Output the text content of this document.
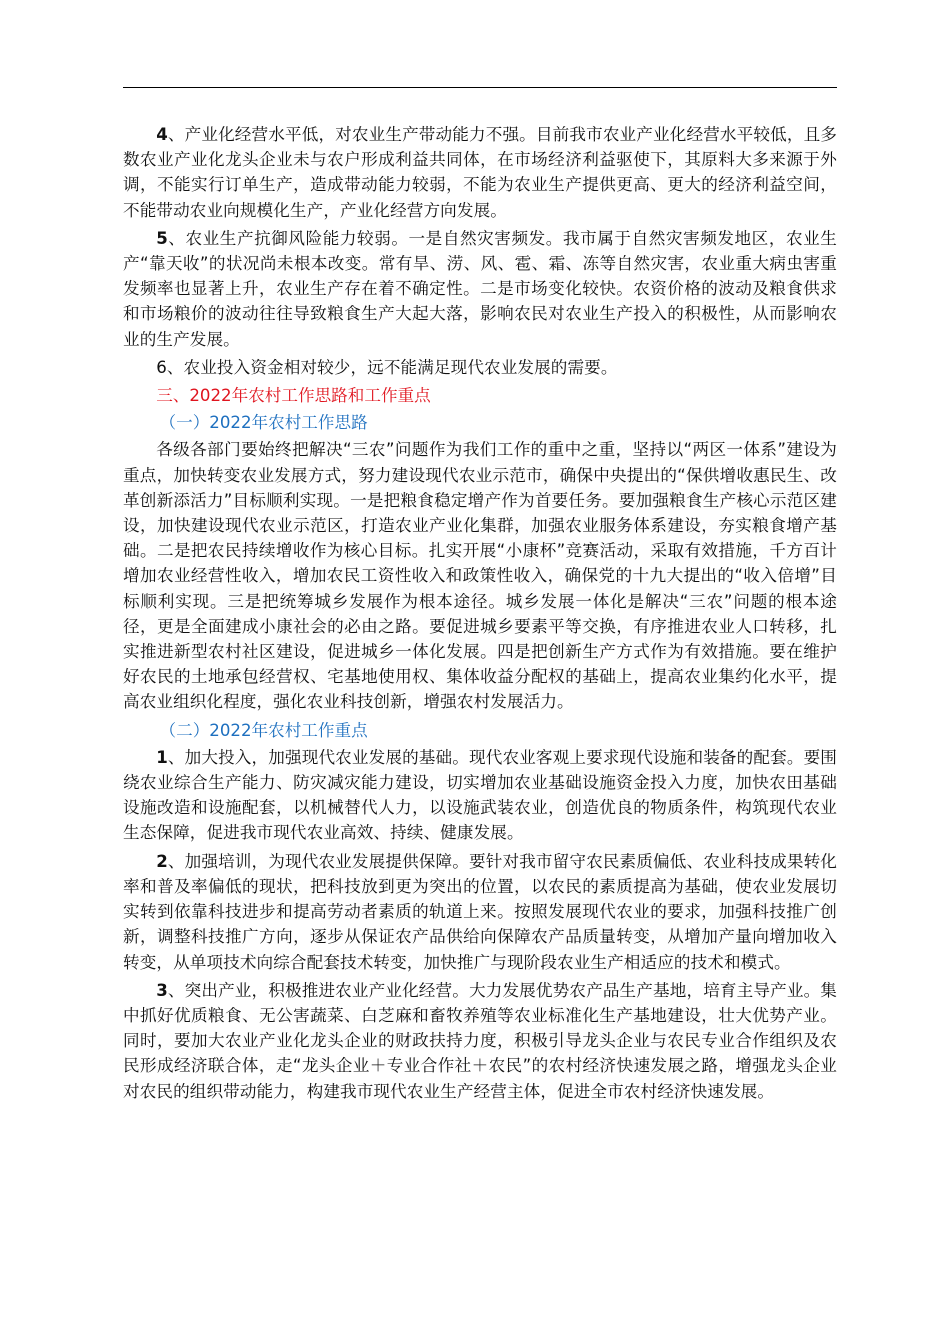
4、产业化经营水平低，对农业生产带动能力不强。目前我市农业产业化经营水平较低，且多数农业产业化龙头企业未与农户形成利益共同体，在市场经济利益驱使下，其原料大多来源于外调，不能实行订单生产，造成带动能力较弱，不能为农业生产提供更高、更大的经济利益空间，不能带动农业向规模化生产，产业化经营方向发展。

5、农业生产抗御风险能力较弱。一是自然灾害频发。我市属于自然灾害频发地区，农业生产“靠天收”的状况尚未根本改变。常有旱、涝、风、雹、霜、冻等自然灾害，农业重大病虫害重发频率也显著上升，农业生产存在着不确定性。二是市场变化较快。农资价格的波动及粮食供求和市场粮价的波动往往导致粮食生产大起大落，影响农民对农业生产投入的积极性，从而影响农业的生产发展。

6、农业投入资金相对较少，远不能满足现代农业发展的需要。

三、2022年农村工作思路和工作重点

（一）2022年农村工作思路

各级各部门要始终把解决“三农”问题作为我们工作的重中之重，坚持以“两区一体系”建设为重点，加快转变农业发展方式，努力建设现代农业示范市，确保中央提出的“保供增收惠民生、改革创新添活力”目标顺利实现。一是把粮食稳定增产作为首要任务。要加强粮食生产核心示范区建设，加快建设现代农业示范区，打造农业产业化集群，加强农业服务体系建设，夯实粮食增产基础。二是把农民持续增收作为核心目标。扎实开展“小康杯”竞赛活动，采取有效措施，千方百计增加农业经营性收入，增加农民工资性收入和政策性收入，确保党的十九大提出的“收入倍增”目标顺利实现。三是把统筹城乡发展作为根本途径。城乡发展一体化是解决“三农”问题的根本途径，更是全面建成小康社会的必由之路。要促进城乡要素平等交换，有序推进农业人口转移，扎实推进新型农村社区建设，促进城乡一体化发展。四是把创新生产方式作为有效措施。要在维护好农民的土地承包经营权、宅基地使用权、集体收益分配权的基础上，提高农业集约化水平，提高农业组织化程度，强化农业科技创新，增强农村发展活力。

（二）2022年农村工作重点

1、加大投入，加强现代农业发展的基础。现代农业客观上要求现代设施和装备的配套。要围绕农业综合生产能力、防灾减灾能力建设，切实增加农业基础设施资金投入力度，加快农田基础设施改造和设施配套，以机械替代人力，以设施武装农业，创造优良的物质条件，构筑现代农业生态保障，促进我市现代农业高效、持续、健康发展。

2、加强培训，为现代农业发展提供保障。要针对我市留守农民素质偏低、农业科技成果转化率和普及率偏低的现状，把科技放到更为突出的位置，以农民的素质提高为基础，使农业发展切实转到依靠科技进步和提高劳动者素质的轨道上来。按照发展现代农业的要求，加强科技推广创新，调整科技推广方向，逐步从保证农产品供给向保障农产品质量转变，从增加产量向增加收入转变，从单项技术向综合配套技术转变，加快推广与现阶段农业生产相适应的技术和模式。

3、突出产业，积极推进农业产业化经营。大力发展优势农产品生产基地，培育主导产业。集中抓好优质粮食、无公害蔬菜、白芝麻和畜牧养殖等农业标准化生产基地建设，壮大优势产业。同时，要加大农业产业化龙头企业的财政扶持力度，积极引导龙头企业与农民专业合作组织及农民形成经济联合体，走“龙头企业＋专业合作社＋农民”的农村经济快速发展之路，增强龙头企业对农民的组织带动能力，构建我市现代农业生产经营主体，促进全市农村经济快速发展。
